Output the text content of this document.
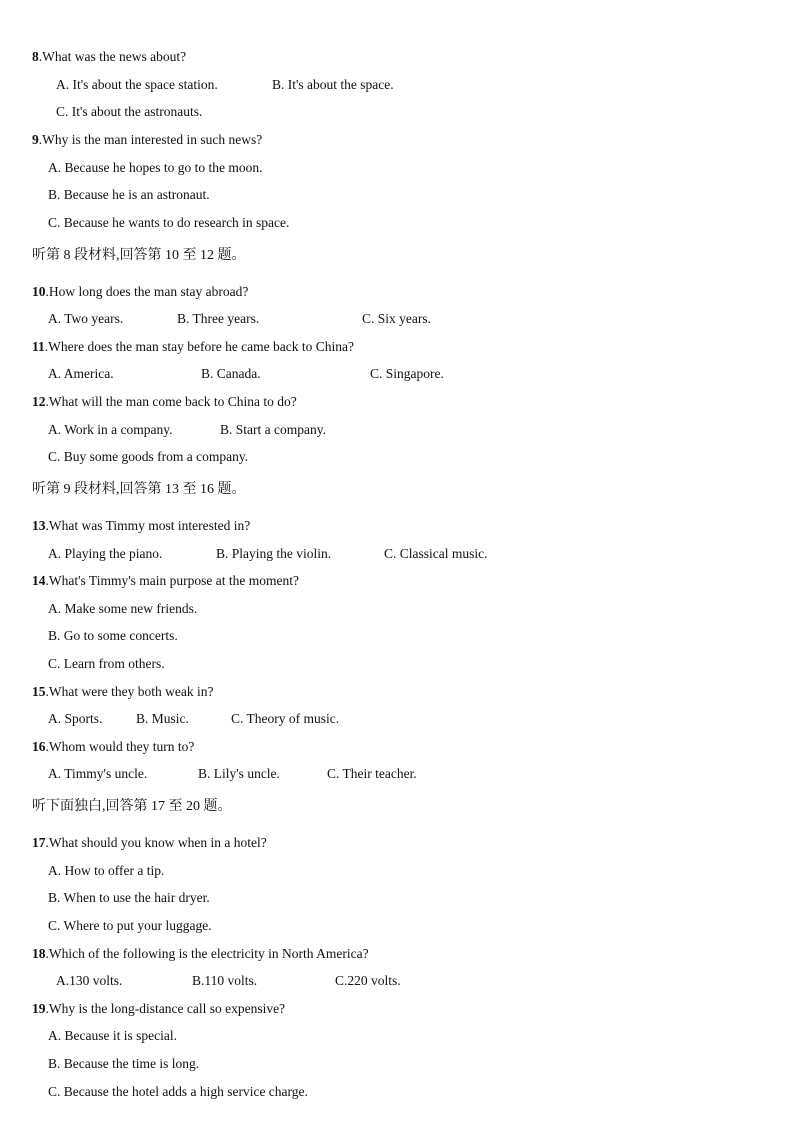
8.What was the news about?
A. It's about the space station.	B. It's about the space.
C. It's about the astronauts.
9.Why is the man interested in such news?
A. Because he hopes to go to the moon.
B. Because he is an astronaut.
C. Because he wants to do research in space.
听第 8 段材料,回答第 10 至 12 题。
10.How long does the man stay abroad?
A. Two years.	B. Three years.	C. Six years.
11.Where does the man stay before he came back to China?
A. America.	B. Canada.	C. Singapore.
12.What will the man come back to China to do?
A. Work in a company.	B. Start a company.
C. Buy some goods from a company.
听第 9 段材料,回答第 13 至 16 题。
13.What was Timmy most interested in?
A. Playing the piano.	B. Playing the violin.	C. Classical music.
14.What's Timmy's main purpose at the moment?
A. Make some new friends.
B. Go to some concerts.
C. Learn from others.
15.What were they both weak in?
A. Sports. B. Music.	C. Theory of music.
16.Whom would they turn to?
A. Timmy's uncle.	B. Lily's uncle.	C. Their teacher.
听下面独白,回答第 17 至 20 题。
17.What should you know when in a hotel?
A. How to offer a tip.
B. When to use the hair dryer.
C. Where to put your luggage.
18.Which of the following is the electricity in North America?
A.130 volts.	B.110 volts.	C.220 volts.
19.Why is the long-distance call so expensive?
A. Because it is special.
B. Because the time is long.
C. Because the hotel adds a high service charge.
